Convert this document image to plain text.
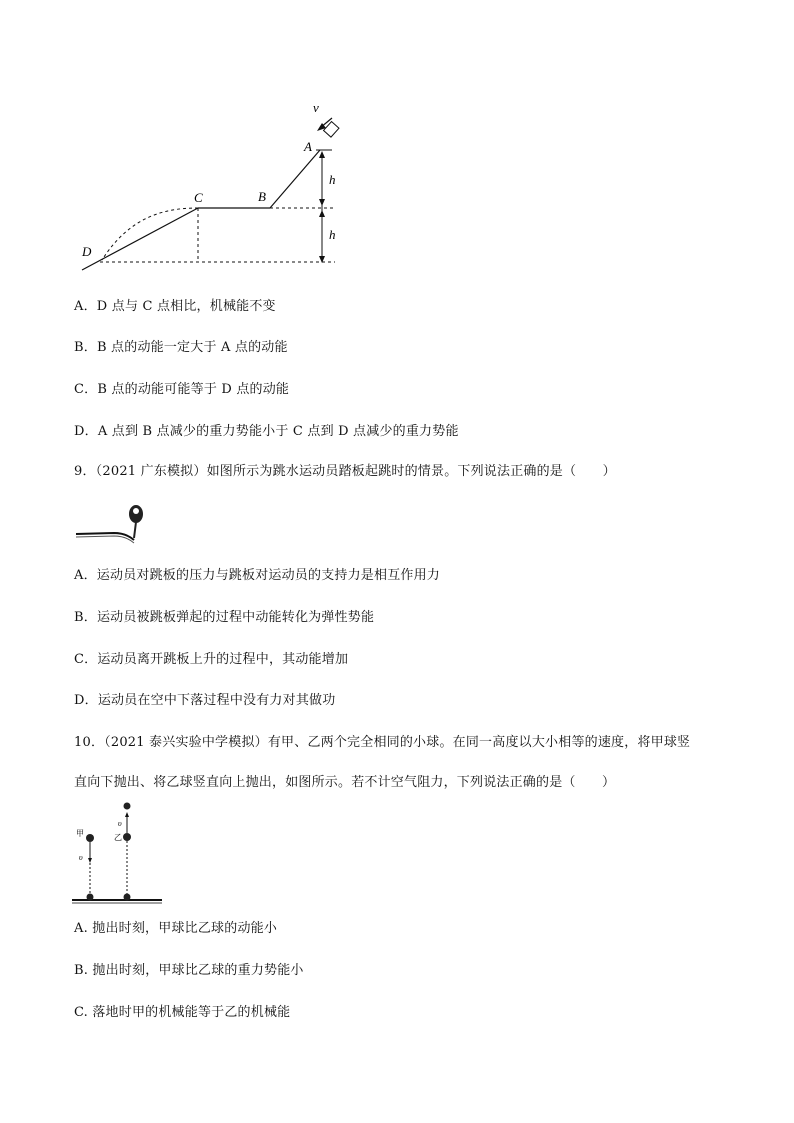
v
A
B
C
D
h
h
A．D 点与 C 点相比，机械能不变
B．B 点的动能一定大于 A 点的动能
C．B 点的动能可能等于 D 点的动能
D．A 点到 B 点减少的重力势能小于 C 点到 D 点减少的重力势能
9．（2021 广东模拟）如图所示为跳水运动员踏板起跳时的情景。下列说法正确的是（　　）
A．运动员对跳板的压力与跳板对运动员的支持力是相互作用力
B．运动员被跳板弹起的过程中动能转化为弹性势能
C．运动员离开跳板上升的过程中，其动能增加
D．运动员在空中下落过程中没有力对其做功
10．（2021 泰兴实验中学模拟）有甲、乙两个完全相同的小球。在同一高度以大小相等的速度，将甲球竖
直向下抛出、将乙球竖直向上抛出，如图所示。若不计空气阻力，下列说法正确的是（　　）
甲	乙
υ
υ
A. 抛出时刻，甲球比乙球的动能小
B. 抛出时刻，甲球比乙球的重力势能小
C. 落地时甲的机械能等于乙的机械能
